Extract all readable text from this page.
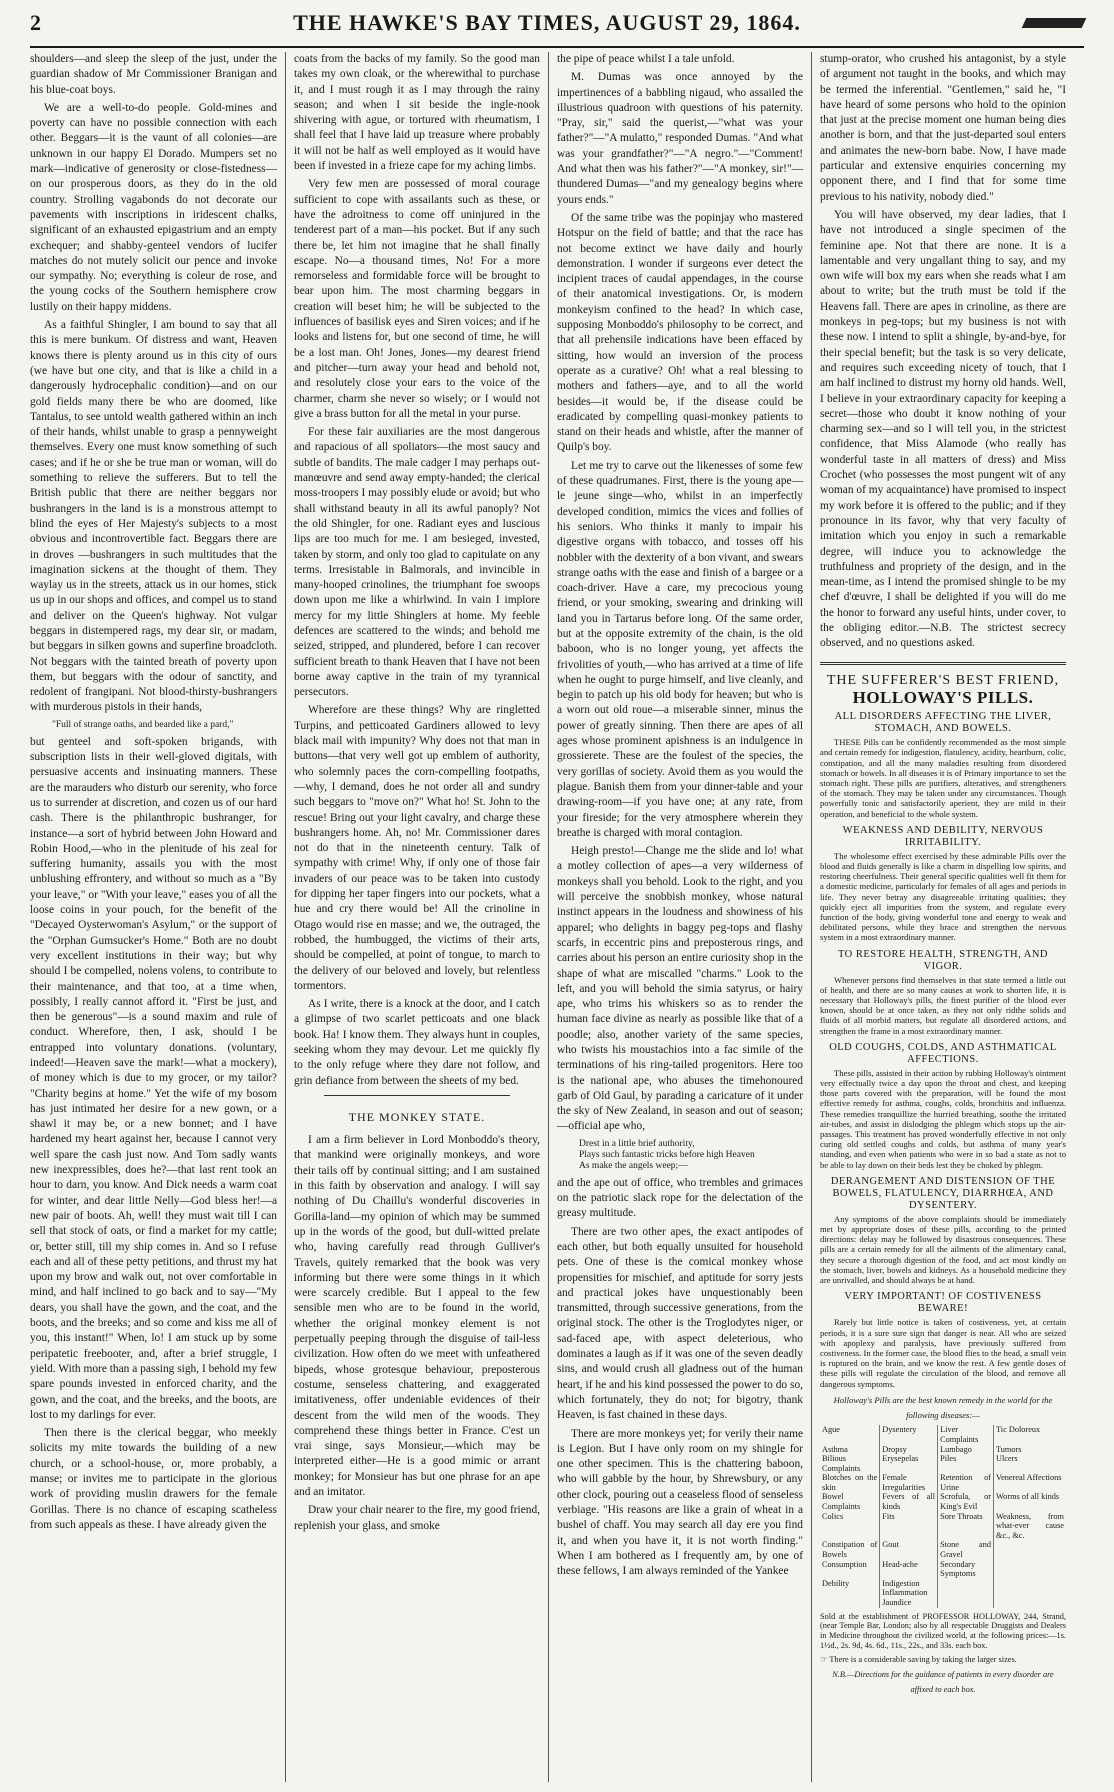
2	THE HAWKE'S BAY TIMES, AUGUST 29, 1864.

shoulders—and sleep the sleep of the just, under the guardian shadow of Mr Commissioner Branigan and his blue-coat boys.

We are a well-to-do people. Gold-mines and poverty can have no possible connection with each other. Beggars—it is the vaunt of all colonies—are unknown in our happy El Dorado. Mumpers set no mark—indicative of generosity or close-fistedness—on our prosperous doors, as they do in the old country. Strolling vagabonds do not decorate our pavements with inscriptions in iridescent chalks, significant of an exhausted epigastrium and an empty exchequer; and shabby-genteel vendors of lucifer matches do not mutely solicit our pence and invoke our sympathy. No; everything is coleur de rose, and the young cocks of the Southern hemisphere crow lustily on their happy middens.

As a faithful Shingler, I am bound to say that all this is mere bunkum. Of distress and want, Heaven knows there is plenty around us in this city of ours (we have but one city, and that is like a child in a dangerously hydrocephalic condition)—and on our gold fields many there be who are doomed, like Tantalus, to see untold wealth gathered within an inch of their hands, whilst unable to grasp a pennyweight themselves. Every one must know something of such cases; and if he or she be true man or woman, will do something to relieve the sufferers. But to tell the British public that there are neither beggars nor bushrangers in the land is is a monstrous attempt to blind the eyes of Her Majesty's subjects to a most obvious and incontrovertible fact. Beggars there are in droves —bushrangers in such multitudes that the imagination sickens at the thought of them. They waylay us in the streets, attack us in our homes, stick us up in our shops and offices, and compel us to stand and deliver on the Queen's highway. Not vulgar beggars in distempered rags, my dear sir, or madam, but beggars in silken gowns and superfine broadcloth. Not beggars with the tainted breath of poverty upon them, but beggars with the odour of sanctity, and redolent of frangipani. Not blood-thirsty-bushrangers with murderous pistols in their hands,

"Full of strange oaths, and bearded like a pard,"

but genteel and soft-spoken brigands, with subscription lists in their well-gloved digitals, with persuasive accents and insinuating manners. These are the marauders who disturb our serenity, who force us to surrender at discretion, and cozen us of our hard cash. There is the philanthropic bushranger, for instance—a sort of hybrid between John Howard and Robin Hood,—who in the plenitude of his zeal for suffering humanity, assails you with the most unblushing effrontery, and without so much as a "By your leave," or "With your leave," eases you of all the loose coins in your pouch, for the benefit of the "Decayed Oysterwoman's Asylum," or the support of the "Orphan Gumsucker's Home." Both are no doubt very excellent institutions in their way; but why should I be compelled, nolens volens, to contribute to their maintenance, and that too, at a time when, possibly, I really cannot afford it. "First be just, and then be generous"—is a sound maxim and rule of conduct. Wherefore, then, I ask, should I be entrapped into voluntary donations. (voluntary, indeed!—Heaven save the mark!—what a mockery), of money which is due to my grocer, or my tailor? "Charity begins at home." Yet the wife of my bosom has just intimated her desire for a new gown, or a shawl it may be, or a new bonnet; and I have hardened my heart against her, because I cannot very well spare the cash just now. And Tom sadly wants new inexpressibles, does he?—that last rent took an hour to darn, you know. And Dick needs a warm coat for winter, and dear little Nelly—God bless her!—a new pair of boots. Ah, well! they must wait till I can sell that stock of oats, or find a market for my cattle; or, better still, till my ship comes in. And so I refuse each and all of these petty petitions, and thrust my hat upon my brow and walk out, not over comfortable in mind, and half inclined to go back and to say—"My dears, you shall have the gown, and the coat, and the boots, and the breeks; and so come and kiss me all of you, this instant!" When, lo! I am stuck up by some peripatetic freebooter, and, after a brief struggle, I yield. With more than a passing sigh, I behold my few spare pounds invested in enforced charity, and the gown, and the coat, and the breeks, and the boots, are lost to my darlings for ever.

Then there is the clerical beggar, who meekly solicits my mite towards the building of a new church, or a school-house, or, more probably, a manse; or invites me to participate in the glorious work of providing muslin drawers for the female Gorillas. There is no chance of escaping scatheless from such appeals as these. I have already given the

coats from the backs of my family. So the good man takes my own cloak, or the wherewithal to purchase it, and I must rough it as I may through the rainy season; and when I sit beside the ingle-nook shivering with ague, or tortured with rheumatism, I shall feel that I have laid up treasure where probably it will not be half as well employed as it would have been if invested in a frieze cape for my aching limbs.

Very few men are possessed of moral courage sufficient to cope with assailants such as these, or have the adroitness to come off uninjured in the tenderest part of a man—his pocket. But if any such there be, let him not imagine that he shall finally escape. No—a thousand times, No! For a more remorseless and formidable force will be brought to bear upon him. The most charming beggars in creation will beset him; he will be subjected to the influences of basilisk eyes and Siren voices; and if he looks and listens for, but one second of time, he will be a lost man. Oh! Jones, Jones—my dearest friend and pitcher—turn away your head and behold not, and resolutely close your ears to the voice of the charmer, charm she never so wisely; or I would not give a brass button for all the metal in your purse.

For these fair auxiliaries are the most dangerous and rapacious of all spoliators—the most saucy and subtle of bandits. The male cadger I may perhaps out-manœuvre and send away empty-handed; the clerical moss-troopers I may possibly elude or avoid; but who shall withstand beauty in all its awful panoply? Not the old Shingler, for one. Radiant eyes and luscious lips are too much for me. I am besieged, invested, taken by storm, and only too glad to capitulate on any terms. Irresistable in Balmorals, and invincible in many-hooped crinolines, the triumphant foe swoops down upon me like a whirlwind. In vain I implore mercy for my little Shinglers at home. My feeble defences are scattered to the winds; and behold me seized, stripped, and plundered, before I can recover sufficient breath to thank Heaven that I have not been borne away captive in the train of my tyrannical persecutors.

Wherefore are these things? Why are ringletted Turpins, and petticoated Gardiners allowed to levy black mail with impunity? Why does not that man in buttons—that very well got up emblem of authority, who solemnly paces the corn-compelling footpaths,—why, I demand, does he not order all and sundry such beggars to "move on?" What ho! St. John to the rescue! Bring out your light cavalry, and charge these bushrangers home. Ah, no! Mr. Commissioner dares not do that in the nineteenth century. Talk of sympathy with crime! Why, if only one of those fair invaders of our peace was to be taken into custody for dipping her taper fingers into our pockets, what a hue and cry there would be! All the crinoline in Otago would rise en masse; and we, the outraged, the robbed, the humbugged, the victims of their arts, should be compelled, at point of tongue, to march to the delivery of our beloved and lovely, but relentless tormentors.

As I write, there is a knock at the door, and I catch a glimpse of two scarlet petticoats and one black book. Ha! I know them. They always hunt in couples, seeking whom they may devour. Let me quickly fly to the only refuge where they dare not follow, and grin defiance from between the sheets of my bed.

THE MONKEY STATE.

I am a firm believer in Lord Monboddo's theory, that mankind were originally monkeys, and wore their tails off by continual sitting; and I am sustained in this faith by observation and analogy. I will say nothing of Du Chaillu's wonderful discoveries in Gorilla-land—my opinion of which may be summed up in the words of the good, but dull-witted prelate who, having carefully read through Gulliver's Travels, quitely remarked that the book was very informing but there were some things in it which were scarcely credible. But I appeal to the few sensible men who are to be found in the world, whether the original monkey element is not perpetually peeping through the disguise of tail-less civilization. How often do we meet with unfeathered bipeds, whose grotesque behaviour, preposterous costume, senseless chattering, and exaggerated imitativeness, offer undeniable evidences of their descent from the wild men of the woods. They comprehend these things better in France. C'est un vrai singe, says Monsieur,—which may be interpreted either—He is a good mimic or arrant monkey; for Monsieur has but one phrase for an ape and an imitator.

Draw your chair nearer to the fire, my good friend, replenish your glass, and smoke

the pipe of peace whilst I a tale unfold.

M. Dumas was once annoyed by the impertinences of a babbling nigaud, who assailed the illustrious quadroon with questions of his paternity. "Pray, sir," said the querist,—"what was your father?"—"A mulatto," responded Dumas. "And what was your grandfather?"—"A negro."—"Comment! And what then was his father?"—"A monkey, sir!"—thundered Dumas—"and my genealogy begins where yours ends."

Of the same tribe was the popinjay who mastered Hotspur on the field of battle; and that the race has not become extinct we have daily and hourly demonstration. I wonder if surgeons ever detect the incipient traces of caudal appendages, in the course of their anatomical investigations. Or, is modern monkeyism confined to the head? In which case, supposing Monboddo's philosophy to be correct, and that all prehensile indications have been effaced by sitting, how would an inversion of the process operate as a curative? Oh! what a real blessing to mothers and fathers—aye, and to all the world besides—it would be, if the disease could be eradicated by compelling quasi-monkey patients to stand on their heads and whistle, after the manner of Quilp's boy.

Let me try to carve out the likenesses of some few of these quadrumanes. First, there is the young ape—le jeune singe—who, whilst in an imperfectly developed condition, mimics the vices and follies of his seniors. Who thinks it manly to impair his digestive organs with tobacco, and tosses off his nobbler with the dexterity of a bon vivant, and swears strange oaths with the ease and finish of a bargee or a coach-driver. Have a care, my precocious young friend, or your smoking, swearing and drinking will land you in Tartarus before long. Of the same order, but at the opposite extremity of the chain, is the old baboon, who is no longer young, yet affects the frivolities of youth,—who has arrived at a time of life when he ought to purge himself, and live cleanly, and begin to patch up his old body for heaven; but who is a worn out old roue—a miserable sinner, minus the power of greatly sinning. Then there are apes of all ages whose prominent apishness is an indulgence in grossierete. These are the foulest of the species, the very gorillas of society. Avoid them as you would the plague. Banish them from your dinner-table and your drawing-room—if you have one; at any rate, from your fireside; for the very atmosphere wherein they breathe is charged with moral contagion.

Heigh presto!—Change me the slide and lo! what a motley collection of apes—a very wilderness of monkeys shall you behold. Look to the right, and you will perceive the snobbish monkey, whose natural instinct appears in the loudness and showiness of his apparel; who delights in baggy peg-tops and flashy scarfs, in eccentric pins and preposterous rings, and carries about his person an entire curiosity shop in the shape of what are miscalled "charms." Look to the left, and you will behold the simia satyrus, or hairy ape, who trims his whiskers so as to render the human face divine as nearly as possible like that of a poodle; also, another variety of the same species, who twists his moustachios into a fac simile of the terminations of his ring-tailed progenitors. Here too is the national ape, who abuses the timehonoured garb of Old Gaul, by parading a caricature of it under the sky of New Zealand, in season and out of season;—official ape who,

Drest in a little brief authority,
Plays such fantastic tricks before high Heaven
As make the angels weep;—

and the ape out of office, who trembles and grimaces on the patriotic slack rope for the delectation of the greasy multitude.

There are two other apes, the exact antipodes of each other, but both equally unsuited for household pets. One of these is the comical monkey whose propensities for mischief, and aptitude for sorry jests and practical jokes have unquestionably been transmitted, through successive generations, from the original stock. The other is the Troglodytes niger, or sad-faced ape, with aspect deleterious, who dominates a laugh as if it was one of the seven deadly sins, and would crush all gladness out of the human heart, if he and his kind possessed the power to do so, which fortunately, they do not; for bigotry, thank Heaven, is fast chained in these days.

There are more monkeys yet; for verily their name is Legion. But I have only room on my shingle for one other specimen. This is the chattering baboon, who will gabble by the hour, by Shrewsbury, or any other clock, pouring out a ceaseless flood of senseless verbiage. "His reasons are like a grain of wheat in a bushel of chaff. You may search all day ere you find it, and when you have it, it is not worth finding." When I am bothered as I frequently am, by one of these fellows, I am always reminded of the Yankee

stump-orator, who crushed his antagonist, by a style of argument not taught in the books, and which may be termed the inferential. "Gentlemen," said he, "I have heard of some persons who hold to the opinion that just at the precise moment one human being dies another is born, and that the just-departed soul enters and animates the new-born babe. Now, I have made particular and extensive enquiries concerning my opponent there, and I find that for some time previous to his nativity, nobody died."

You will have observed, my dear ladies, that I have not introduced a single specimen of the feminine ape. Not that there are none. It is a lamentable and very ungallant thing to say, and my own wife will box my ears when she reads what I am about to write; but the truth must be told if the Heavens fall. There are apes in crinoline, as there are monkeys in peg-tops; but my business is not with these now. I intend to split a shingle, by-and-bye, for their special benefit; but the task is so very delicate, and requires such exceeding nicety of touch, that I am half inclined to distrust my horny old hands. Well, I believe in your extraordinary capacity for keeping a secret—those who doubt it know nothing of your charming sex—and so I will tell you, in the strictest confidence, that Miss Alamode (who really has wonderful taste in all matters of dress) and Miss Crochet (who possesses the most pungent wit of any woman of my acquaintance) have promised to inspect my work before it is offered to the public; and if they pronounce in its favor, why that very faculty of imitation which you enjoy in such a remarkable degree, will induce you to acknowledge the truthfulness and propriety of the design, and in the mean-time, as I intend the promised shingle to be my chef d'œuvre, I shall be delighted if you will do me the honor to forward any useful hints, under cover, to the obliging editor.—N.B. The strictest secrecy observed, and no questions asked.

THE SUFFERER'S BEST FRIEND,
HOLLOWAY'S PILLS.
ALL DISORDERS AFFECTING THE LIVER, STOMACH, AND BOWELS.

THESE Pills can be confidently recommended as the most simple and certain remedy for indigestion, flatulency, acidity, heartburn, colic, constipation, and all the many maladies resulting from disordered stomach or bowels. In all diseases it is of Primary importance to set the stomach right. These pills are purifiers, alteratives, and strengtheners of the stomach. They may be taken under any circumstances. Though powerfully tonic and satisfactorily aperient, they are mild in their operation, and beneficial to the whole system.

WEAKNESS AND DEBILITY, NERVOUS IRRITABILITY.

The wholesome effect exercised by these admirable Pills over the blood and fluids generally is like a charm in dispelling low spirits, and restoring cheerfulness. Their general specific qualities well fit them for a domestic medicine, particularly for females of all ages and periods in life. They never betray any disagreeable irritating qualities; they quickly eject all impurities from the system, and regulate every function of the body, giving wonderful tone and energy to weak and debilitated persons, while they brace and strengthen the nervous system in a most extraordinary manner.

TO RESTORE HEALTH, STRENGTH, AND VIGOR.

Whenever persons find themselves in that state termed a little out of health, and there are so many causes at work to shorten life, it is necessary that Holloway's pills, the finest purifier of the blood ever known, should be at once taken, as they not only ridthe solids and fluids of all morbid matters, but regulate all disordered actions, and strengthen the frame in a most extraordinary manner.

OLD COUGHS, COLDS, AND ASTHMATICAL AFFECTIONS.

These pills, assisted in their action by rubbing Holloway's ointment very effectually twice a day upon the throat and chest, and keeping those parts covered with the preparation, will be found the most effective remedy for asthma, coughs, colds, bronchitis and influenza. These remedies tranquillize the hurried breathing, soothe the irritated air-tubes, and assist in dislodging the phlegm which stops up the air-passages. This treatment has proved wonderfully effective in not only curing old settled coughs and colds, but asthma of many year's standing, and even when patients who were in so bad a state as not to be able to lay down on their beds lest they be choked by phlegm.

DERANGEMENT AND DISTENSION OF THE BOWELS, FLATULENCY, DIARRHŒA, AND DYSENTERY.

Any symptoms of the above complaints should be immediately met by appropriate doses of these pills, according to the printed directions: delay may be followed by disastrous consequences. These pills are a certain remedy for all the ailments of the alimentary canal, they secure a thorough digestion of the food, and act most kindly on the stomach, liver, bowels and kidneys. As a household medicine they are unrivalled, and should always be at hand.

VERY IMPORTANT! OF COSTIVENESS BEWARE!

Rarely but little notice is taken of costiveness, yet, at certain periods, it is a sure sure sign that danger is near. All who are seized with apoplexy and paralysis, have previously suffered from costiveness. In the former case, the blood flies to the head, a small vein is ruptured on the brain, and we know the rest. A few gentle doses of these pills will regulate the circulation of the blood, and remove all dangerous symptoms.

Holloway's Pills are the best known remedy in the world for the following diseases:—
Ague	Dysentery	Liver Complaints	Tic Doloreux
Asthma	Dropsy	Lumbago	Tumors
Bilious Complaints	Erysepelas	Piles	Ulcers
Blotches on the skin	Female Irregularities	Retention of Urine	Venereal Affections
Bowel Complaints	Fevers of all kinds	Scrofula, or King's Evil	Worms of all kinds
Colics	Fits	Sore Throats	Weakness, from what-ever cause &c., &c.
Constipation of Bowels	Gout	Stone and Gravel	
Consumption	Head-ache	Secondary Symptoms	
Debility	Indigestion		
	Inflammation		
	Jaundice		
Sold at the establishment of PROFESSOR HOLLOWAY, 244, Strand, (near Temple Bar, London; also by all respectable Druggists and Dealers in Medicine throughout the civilized world, at the following prices:—1s. 1½d., 2s. 9d, 4s. 6d., 11s., 22s., and 33s. each box.
☞ There is a considerable saving by taking the larger sizes.
N.B.—Directions for the guidance of patients in every disorder are affixed to each box.
